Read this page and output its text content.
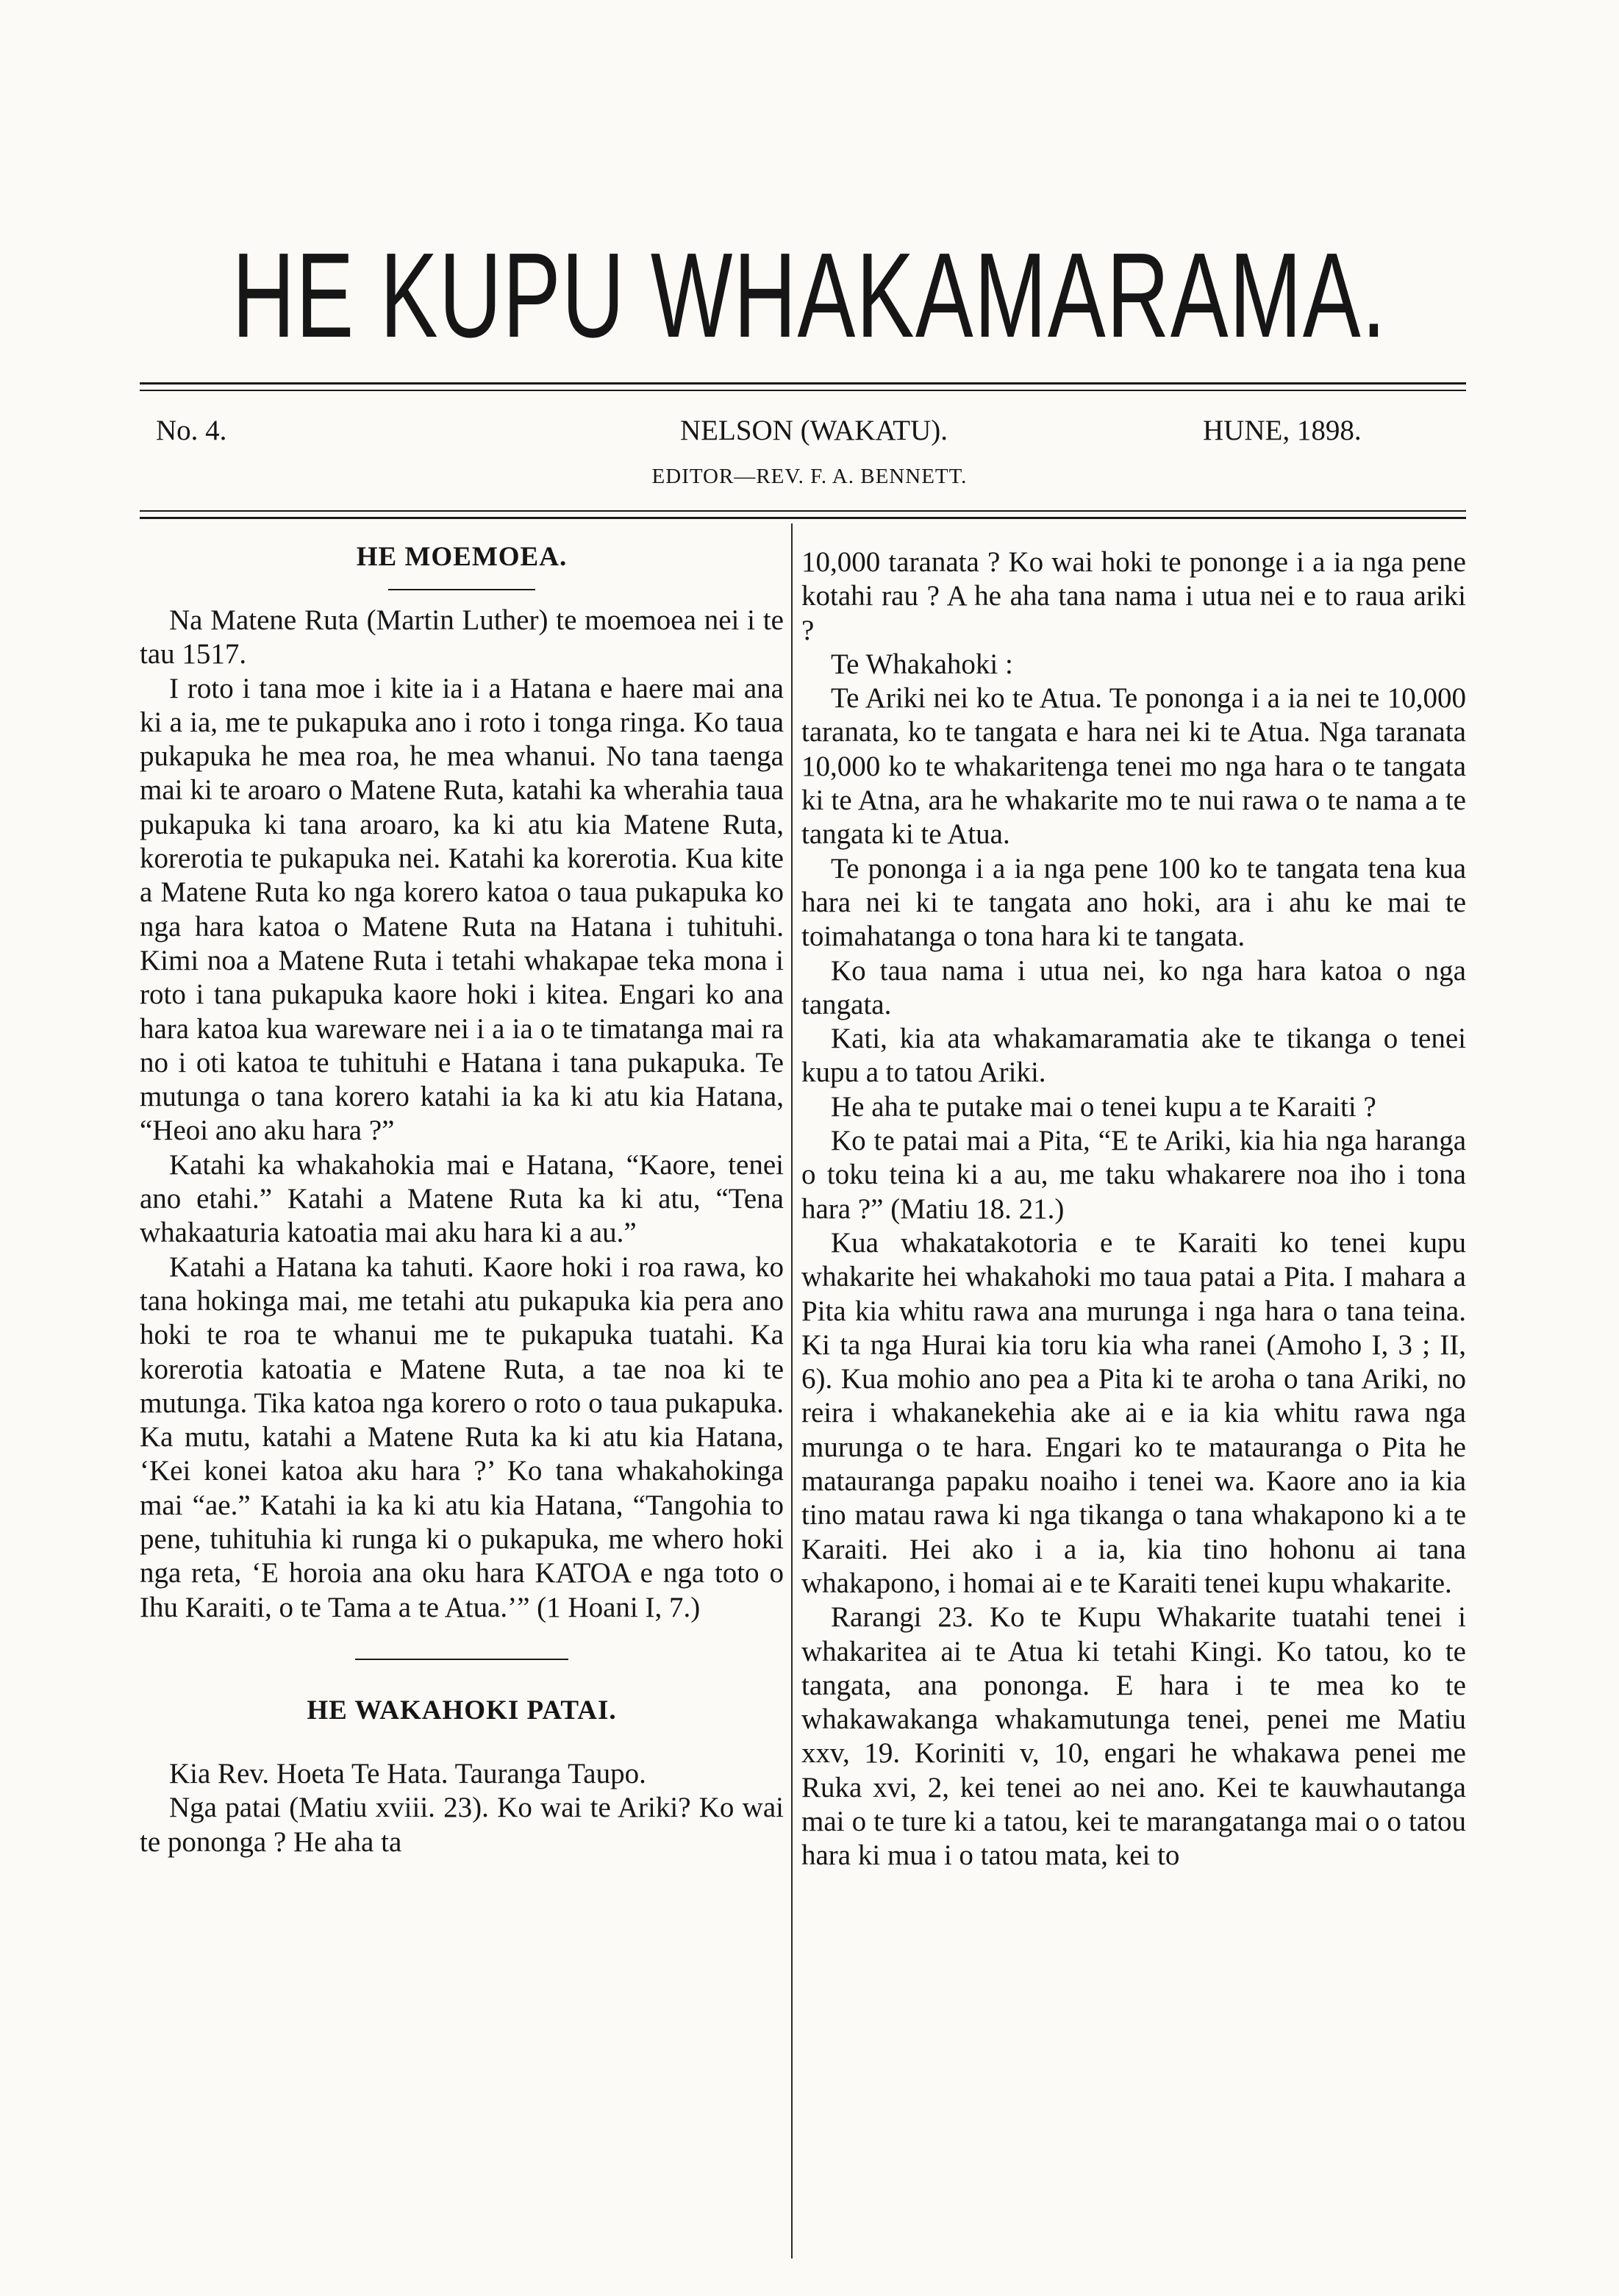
HE KUPU WHAKAMARAMA.
No. 4.	NELSON (WAKATU).	HUNE, 1898.
EDITOR—REV. F. A. BENNETT.
HE MOEMOEA.

Na Matene Ruta (Martin Luther) te moemoea nei i te tau 1517.

I roto i tana moe i kite ia i a Hatana e haere mai ana ki a ia, me te pukapuka ano i roto i tonga ringa. Ko taua pukapuka he mea roa, he mea whanui. No tana taenga mai ki te aroaro o Matene Ruta, katahi ka wherahia taua pukapuka ki tana aroaro, ka ki atu kia Matene Ruta, korerotia te pukapuka nei. Katahi ka korerotia. Kua kite a Matene Ruta ko nga korero katoa o taua pukapuka ko nga hara katoa o Matene Ruta na Hatana i tuhituhi. Kimi noa a Matene Ruta i tetahi whakapae teka mona i roto i tana pukapuka kaore hoki i kitea. Engari ko ana hara katoa kua wareware nei i a ia o te timatanga mai ra no i oti katoa te tuhituhi e Hatana i tana pukapuka. Te mutunga o tana korero katahi ia ka ki atu kia Hatana, “Heoi ano aku hara ?”

Katahi ka whakahokia mai e Hatana, “Kaore, tenei ano etahi.” Katahi a Matene Ruta ka ki atu, “Tena whakaaturia katoatia mai aku hara ki a au.”

Katahi a Hatana ka tahuti. Kaore hoki i roa rawa, ko tana hokinga mai, me tetahi atu pukapuka kia pera ano hoki te roa te whanui me te pukapuka tuatahi. Ka korerotia katoatia e Matene Ruta, a tae noa ki te mutunga. Tika katoa nga korero o roto o taua pukapuka. Ka mutu, katahi a Matene Ruta ka ki atu kia Hatana, ‘Kei konei katoa aku hara ?’ Ko tana whakahokinga mai “ae.” Katahi ia ka ki atu kia Hatana, “Tangohia to pene, tuhituhia ki runga ki o pukapuka, me whero hoki nga reta, ‘E horoia ana oku hara KATOA e nga toto o Ihu Karaiti, o te Tama a te Atua.’” (1 Hoani I, 7.)

HE WAKAHOKI PATAI.

Kia Rev. Hoeta Te Hata. Tauranga Taupo.

Nga patai (Matiu xviii. 23). Ko wai te Ariki? Ko wai te pononga ? He aha ta

10,000 taranata ? Ko wai hoki te pononge i a ia nga pene kotahi rau ? A he aha tana nama i utua nei e to raua ariki ?

Te Whakahoki :

Te Ariki nei ko te Atua. Te pononga i a ia nei te 10,000 taranata, ko te tangata e hara nei ki te Atua. Nga taranata 10,000 ko te whakaritenga tenei mo nga hara o te tangata ki te Atna, ara he whakarite mo te nui rawa o te nama a te tangata ki te Atua.

Te pononga i a ia nga pene 100 ko te tangata tena kua hara nei ki te tangata ano hoki, ara i ahu ke mai te toimahatanga o tona hara ki te tangata.

Ko taua nama i utua nei, ko nga hara katoa o nga tangata.

Kati, kia ata whakamaramatia ake te tikanga o tenei kupu a to tatou Ariki.

He aha te putake mai o tenei kupu a te Karaiti ?

Ko te patai mai a Pita, “E te Ariki, kia hia nga haranga o toku teina ki a au, me taku whakarere noa iho i tona hara ?” (Matiu 18. 21.)

Kua whakatakotoria e te Karaiti ko tenei kupu whakarite hei whakahoki mo taua patai a Pita. I mahara a Pita kia whitu rawa ana murunga i nga hara o tana teina. Ki ta nga Hurai kia toru kia wha ranei (Amoho I, 3 ; II, 6). Kua mohio ano pea a Pita ki te aroha o tana Ariki, no reira i whakanekehia ake ai e ia kia whitu rawa nga murunga o te hara. Engari ko te matauranga o Pita he matauranga papaku noaiho i tenei wa. Kaore ano ia kia tino matau rawa ki nga tikanga o tana whakapono ki a te Karaiti. Hei ako i a ia, kia tino hohonu ai tana whakapono, i homai ai e te Karaiti tenei kupu whakarite.

Rarangi 23. Ko te Kupu Whakarite tuatahi tenei i whakaritea ai te Atua ki tetahi Kingi. Ko tatou, ko te tangata, ana pononga. E hara i te mea ko te whakawakanga whakamutunga tenei, penei me Matiu xxv, 19. Koriniti v, 10, engari he whakawa penei me Ruka xvi, 2, kei tenei ao nei ano. Kei te kauwhautanga mai o te ture ki a tatou, kei te marangatanga mai o o tatou hara ki mua i o tatou mata, kei to
